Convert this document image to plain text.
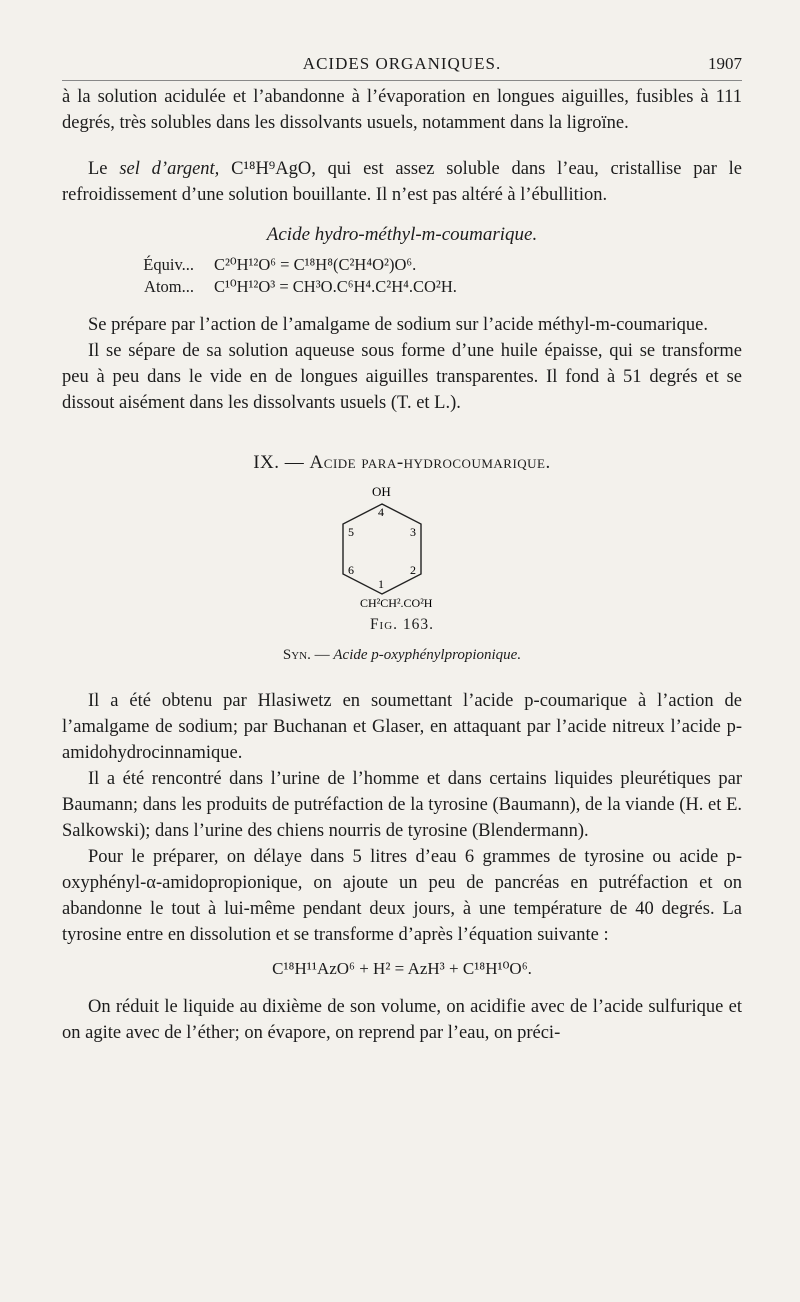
ACIDES ORGANIQUES.	1907

à la solution acidulée et l’abandonne à l’évaporation en longues aiguilles, fusibles à 111 degrés, très solubles dans les dissolvants usuels, notamment dans la ligroïne.

Le sel d’argent, C¹⁸H⁹AgO, qui est assez soluble dans l’eau, cristallise par le refroidissement d’une solution bouillante. Il n’est pas altéré à l’ébullition.

Acide hydro-méthyl-m-coumarique.
Équiv...	C²⁰H¹²O⁶ = C¹⁸H⁸(C²H⁴O²)O⁶.
Atom...	C¹⁰H¹²O³ = CH³O.C⁶H⁴.C²H⁴.CO²H.

Se prépare par l’action de l’amalgame de sodium sur l’acide méthyl-m-coumarique.

Il se sépare de sa solution aqueuse sous forme d’une huile épaisse, qui se transforme peu à peu dans le vide en de longues aiguilles transparentes. Il fond à 51 degrés et se dissout aisément dans les dissolvants usuels (T. et L.).

IX. — Acide para-hydrocoumarique.
OH
4
3
5
6	2
1
CH²CH².CO²H
Fig. 163.
Syn. — Acide p-oxyphénylpropionique.

Il a été obtenu par Hlasiwetz en soumettant l’acide p-coumarique à l’action de l’amalgame de sodium; par Buchanan et Glaser, en attaquant par l’acide nitreux l’acide p-amidohydrocinnamique.

Il a été rencontré dans l’urine de l’homme et dans certains liquides pleurétiques par Baumann; dans les produits de putréfaction de la tyrosine (Baumann), de la viande (H. et E. Salkowski); dans l’urine des chiens nourris de tyrosine (Blendermann).

Pour le préparer, on délaye dans 5 litres d’eau 6 grammes de tyrosine ou acide p-oxyphényl-α-amidopropionique, on ajoute un peu de pancréas en putréfaction et on abandonne le tout à lui-même pendant deux jours, à une température de 40 degrés. La tyrosine entre en dissolution et se transforme d’après l’équation suivante :

C¹⁸H¹¹AzO⁶ + H² = AzH³ + C¹⁸H¹⁰O⁶.

On réduit le liquide au dixième de son volume, on acidifie avec de l’acide sulfurique et on agite avec de l’éther; on évapore, on reprend par l’eau, on préci-
